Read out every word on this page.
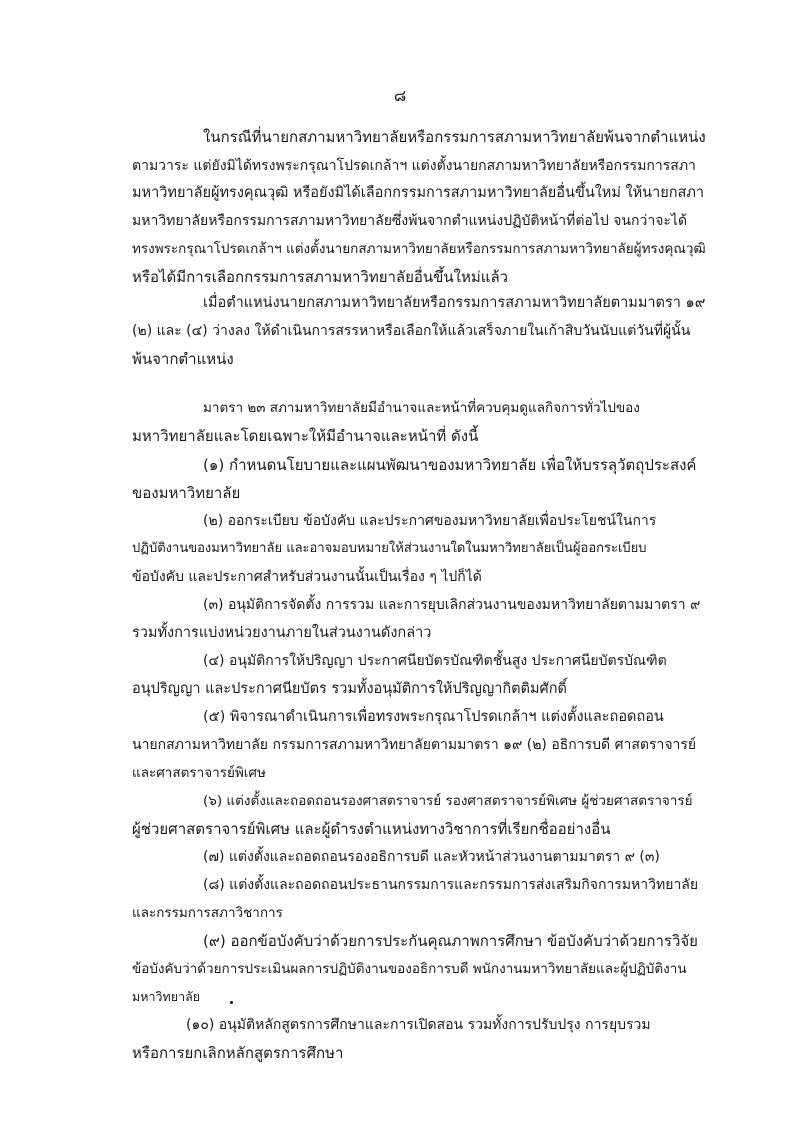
๘
ในกรณีที่นายกสภามหาวิทยาลัยหรือกรรมการสภามหาวิทยาลัยพ้นจากตำแหน่ง
ตามวาระ แต่ยังมิได้ทรงพระกรุณาโปรดเกล้าฯ แต่งตั้งนายกสภามหาวิทยาลัยหรือกรรมการสภา
มหาวิทยาลัยผู้ทรงคุณวุฒิ หรือยังมิได้เลือกกรรมการสภามหาวิทยาลัยอื่นขึ้นใหม่ ให้นายกสภา
มหาวิทยาลัยหรือกรรมการสภามหาวิทยาลัยซึ่งพ้นจากตำแหน่งปฏิบัติหน้าที่ต่อไป จนกว่าจะได้
ทรงพระกรุณาโปรดเกล้าฯ แต่งตั้งนายกสภามหาวิทยาลัยหรือกรรมการสภามหาวิทยาลัยผู้ทรงคุณวุฒิ
หรือได้มีการเลือกกรรมการสภามหาวิทยาลัยอื่นขึ้นใหม่แล้ว
เมื่อตำแหน่งนายกสภามหาวิทยาลัยหรือกรรมการสภามหาวิทยาลัยตามมาตรา ๑๙
(๒) และ (๔) ว่างลง ให้ดำเนินการสรรหาหรือเลือกให้แล้วเสร็จภายในเก้าสิบวันนับแต่วันที่ผู้นั้น
พ้นจากตำแหน่ง
มาตรา ๒๓ สภามหาวิทยาลัยมีอำนาจและหน้าที่ควบคุมดูแลกิจการทั่วไปของ
มหาวิทยาลัยและโดยเฉพาะให้มีอำนาจและหน้าที่ ดังนี้
(๑) กำหนดนโยบายและแผนพัฒนาของมหาวิทยาลัย เพื่อให้บรรลุวัตถุประสงค์
ของมหาวิทยาลัย
(๒) ออกระเบียบ ข้อบังคับ และประกาศของมหาวิทยาลัยเพื่อประโยชน์ในการ
ปฏิบัติงานของมหาวิทยาลัย และอาจมอบหมายให้ส่วนงานใดในมหาวิทยาลัยเป็นผู้ออกระเบียบ
ข้อบังคับ และประกาศสำหรับส่วนงานนั้นเป็นเรื่อง ๆ ไปก็ได้
(๓) อนุมัติการจัดตั้ง การรวม และการยุบเลิกส่วนงานของมหาวิทยาลัยตามมาตรา ๙
รวมทั้งการแบ่งหน่วยงานภายในส่วนงานดังกล่าว
(๔) อนุมัติการให้ปริญญา ประกาศนียบัตรบัณฑิตชั้นสูง ประกาศนียบัตรบัณฑิต
อนุปริญญา และประกาศนียบัตร รวมทั้งอนุมัติการให้ปริญญากิตติมศักดิ์
(๕) พิจารณาดำเนินการเพื่อทรงพระกรุณาโปรดเกล้าฯ แต่งตั้งและถอดถอน
นายกสภามหาวิทยาลัย กรรมการสภามหาวิทยาลัยตามมาตรา ๑๙ (๒) อธิการบดี ศาสตราจารย์
และศาสตราจารย์พิเศษ
(๖) แต่งตั้งและถอดถอนรองศาสตราจารย์ รองศาสตราจารย์พิเศษ ผู้ช่วยศาสตราจารย์
ผู้ช่วยศาสตราจารย์พิเศษ และผู้ดำรงตำแหน่งทางวิชาการที่เรียกชื่ออย่างอื่น
(๗) แต่งตั้งและถอดถอนรองอธิการบดี และหัวหน้าส่วนงานตามมาตรา ๙ (๓)
(๘) แต่งตั้งและถอดถอนประธานกรรมการและกรรมการส่งเสริมกิจการมหาวิทยาลัย
และกรรมการสภาวิชาการ
(๙) ออกข้อบังคับว่าด้วยการประกันคุณภาพการศึกษา ข้อบังคับว่าด้วยการวิจัย
ข้อบังคับว่าด้วยการประเมินผลการปฏิบัติงานของอธิการบดี พนักงานมหาวิทยาลัยและผู้ปฏิบัติงาน
มหาวิทยาลัย
(๑๐) อนุมัติหลักสูตรการศึกษาและการเปิดสอน รวมทั้งการปรับปรุง การยุบรวม
หรือการยกเลิกหลักสูตรการศึกษา
